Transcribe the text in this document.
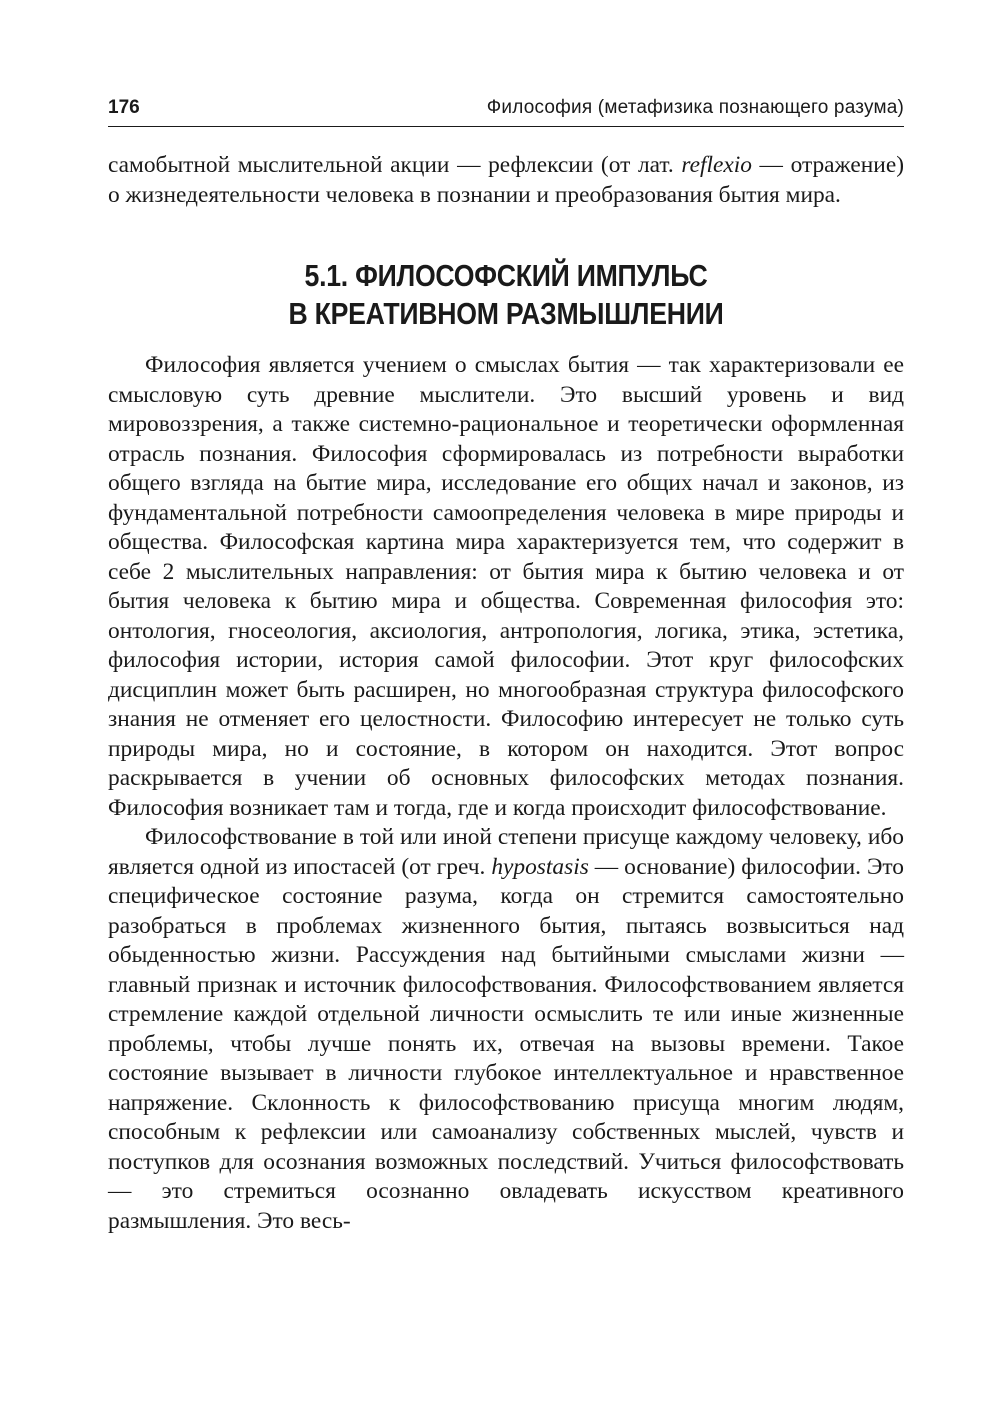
176	Философия (метафизика познающего разума)

самобытной мыслительной акции — рефлексии (от лат. reflexio — отражение) о жизнедеятельности человека в познании и преобразования бытия мира.

5.1. ФИЛОСОФСКИЙ ИМПУЛЬС
В КРЕАТИВНОМ РАЗМЫШЛЕНИИ

Философия является учением о смыслах бытия — так характеризовали ее смысловую суть древние мыслители. Это высший уровень и вид мировоззрения, а также системно-рациональное и теоретически оформленная отрасль познания. Философия сформировалась из потребности выработки общего взгляда на бытие мира, исследование его общих начал и законов, из фундаментальной потребности самоопределения человека в мире природы и общества. Философская картина мира характеризуется тем, что содержит в себе 2 мыслительных направления: от бытия мира к бытию человека и от бытия человека к бытию мира и общества. Современная философия это: онтология, гносеология, аксиология, антропология, логика, этика, эстетика, философия истории, история самой философии. Этот круг философских дисциплин может быть расширен, но многообразная структура философского знания не отменяет его целостности. Философию интересует не только суть природы мира, но и состояние, в котором он находится. Этот вопрос раскрывается в учении об основных философских методах познания. Философия возникает там и тогда, где и когда происходит философствование.

Философствование в той или иной степени присуще каждому человеку, ибо является одной из ипостасей (от греч. hypostasis — основание) философии. Это специфическое состояние разума, когда он стремится самостоятельно разобраться в проблемах жизненного бытия, пытаясь возвыситься над обыденностью жизни. Рассуждения над бытийными смыслами жизни — главный признак и источник философствования. Философствованием является стремление каждой отдельной личности осмыслить те или иные жизненные проблемы, чтобы лучше понять их, отвечая на вызовы времени. Такое состояние вызывает в личности глубокое интеллектуальное и нравственное напряжение. Склонность к философствованию присуща многим людям, способным к рефлексии или самоанализу собственных мыслей, чувств и поступков для осознания возможных последствий. Учиться философствовать — это стремиться осознанно овладевать искусством креативного размышления. Это весь-
